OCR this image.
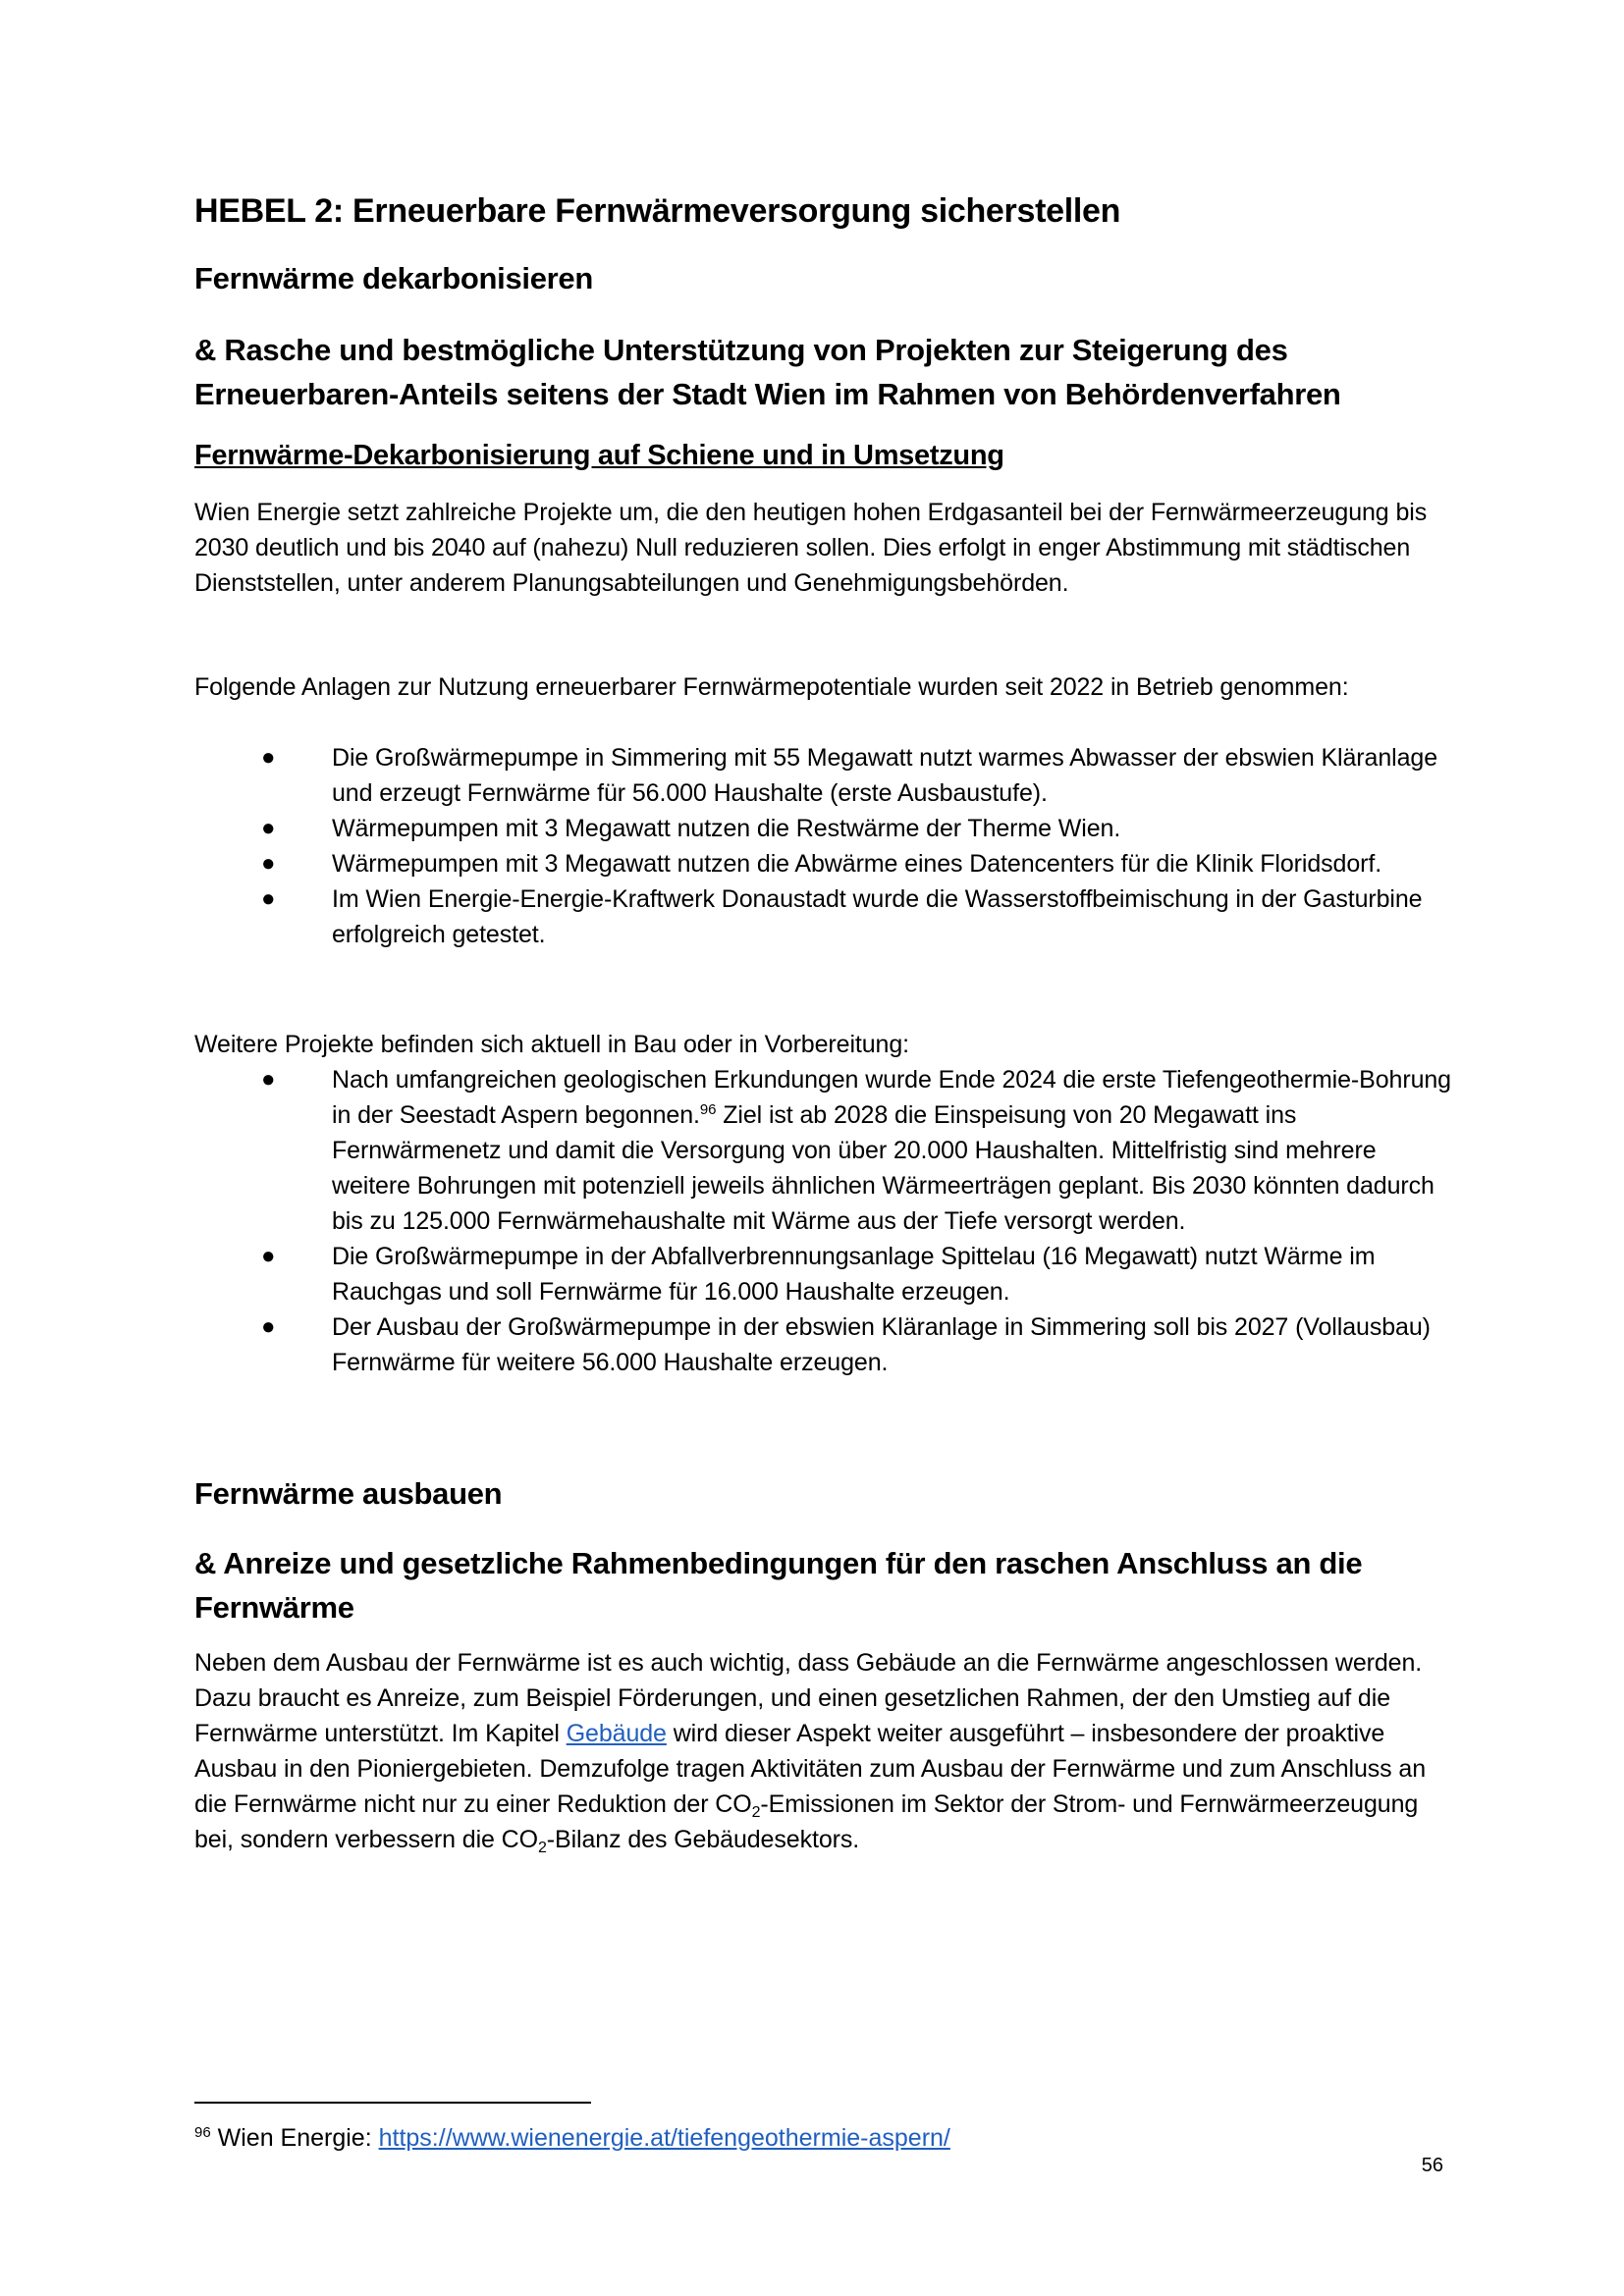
HEBEL 2: Erneuerbare Fernwärmeversorgung sicherstellen
Fernwärme dekarbonisieren
& Rasche und bestmögliche Unterstützung von Projekten zur Steigerung des
Erneuerbaren-Anteils seitens der Stadt Wien im Rahmen von Behördenverfahren
Fernwärme-Dekarbonisierung auf Schiene und in Umsetzung
Wien Energie setzt zahlreiche Projekte um, die den heutigen hohen Erdgasanteil bei der Fernwärmeerzeugung bis 2030 deutlich und bis 2040 auf (nahezu) Null reduzieren sollen. Dies erfolgt in enger Abstimmung mit städtischen Dienststellen, unter anderem Planungsabteilungen und Genehmigungsbehörden.
Folgende Anlagen zur Nutzung erneuerbarer Fernwärmepotentiale wurden seit 2022 in Betrieb genommen:
● Die Großwärmepumpe in Simmering mit 55 Megawatt nutzt warmes Abwasser der ebswien Kläranlage und erzeugt Fernwärme für 56.000 Haushalte (erste Ausbaustufe).
● Wärmepumpen mit 3 Megawatt nutzen die Restwärme der Therme Wien.
● Wärmepumpen mit 3 Megawatt nutzen die Abwärme eines Datencenters für die Klinik Floridsdorf.
● Im Wien Energie-Energie-Kraftwerk Donaustadt wurde die Wasserstoffbeimischung in der Gasturbine erfolgreich getestet.
Weitere Projekte befinden sich aktuell in Bau oder in Vorbereitung:
● Nach umfangreichen geologischen Erkundungen wurde Ende 2024 die erste Tiefengeothermie-Bohrung in der Seestadt Aspern begonnen.$^{96}$ Ziel ist ab 2028 die Einspeisung von 20 Megawatt ins Fernwärmenetz und damit die Versorgung von über 20.000 Haushalten. Mittelfristig sind mehrere weitere Bohrungen mit potenziell jeweils ähnlichen Wärmeerträgen geplant. Bis 2030 könnten dadurch bis zu 125.000 Fernwärmehaushalte mit Wärme aus der Tiefe versorgt werden.
● Die Großwärmepumpe in der Abfallverbrennungsanlage Spittelau (16 Megawatt) nutzt Wärme im Rauchgas und soll Fernwärme für 16.000 Haushalte erzeugen.
● Der Ausbau der Großwärmepumpe in der ebswien Kläranlage in Simmering soll bis 2027 (Vollausbau) Fernwärme für weitere 56.000 Haushalte erzeugen.
Fernwärme ausbauen
& Anreize und gesetzliche Rahmenbedingungen für den raschen Anschluss an die
Fernwärme
Neben dem Ausbau der Fernwärme ist es auch wichtig, dass Gebäude an die Fernwärme angeschlossen werden. Dazu braucht es Anreize, zum Beispiel Förderungen, und einen gesetzlichen Rahmen, der den Umstieg auf die Fernwärme unterstützt. Im Kapitel Gebäude wird dieser Aspekt weiter ausgeführt – insbesondere der proaktive Ausbau in den Pioniergebieten. Demzufolge tragen Aktivitäten zum Ausbau der Fernwärme und zum Anschluss an die Fernwärme nicht nur zu einer Reduktion der $CO_2$-Emissionen im Sektor der Strom- und Fernwärmeerzeugung bei, sondern verbessern die $CO_2$-Bilanz des Gebäudesektors.
$^{96}$ Wien Energie: https://www.wienenergie.at/tiefengeothermie-aspern/
56
